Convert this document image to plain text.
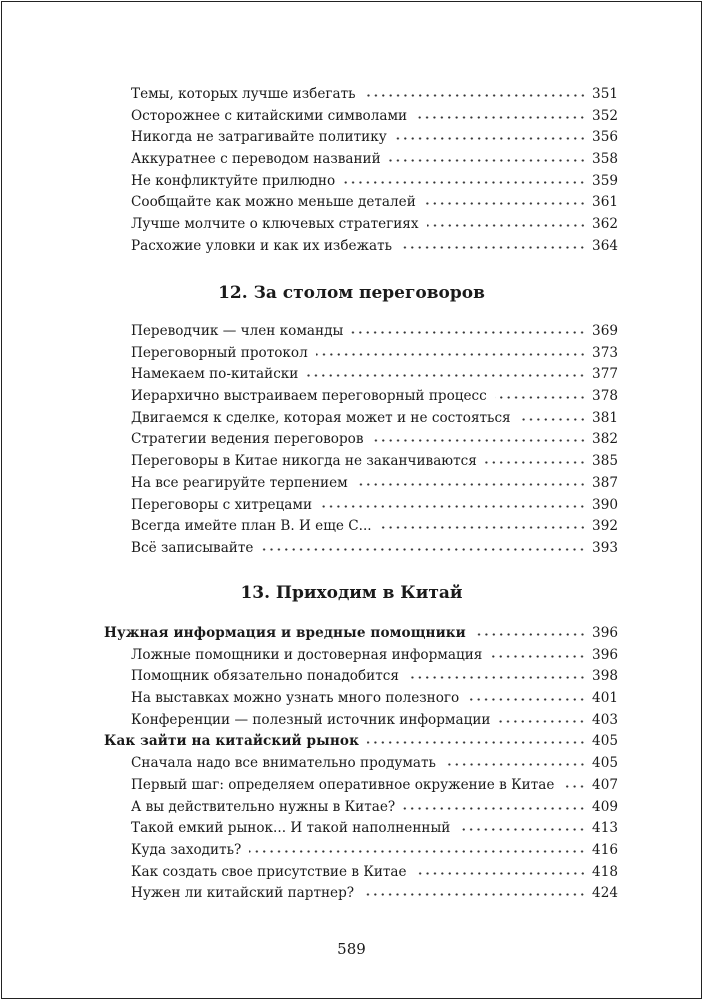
Темы, которых лучше избегать	351
Осторожнее с китайскими символами	352
Никогда не затрагивайте политику	356
Аккуратнее с переводом названий	358
Не конфликтуйте прилюдно	359
Сообщайте как можно меньше деталей	361
Лучше молчите о ключевых стратегиях	362
Расхожие уловки и как их избежать	364
12. За столом переговоров
Переводчик — член команды	369
Переговорный протокол	373
Намекаем по-китайски	377
Иерархично выстраиваем переговорный процесс	378
Двигаемся к сделке, которая может и не состояться	381
Стратегии ведения переговоров	382
Переговоры в Китае никогда не заканчиваются	385
На все реагируйте терпением	387
Переговоры с хитрецами	390
Всегда имейте план В. И еще С...	392
Всё записывайте	393
13. Приходим в Китай
Нужная информация и вредные помощники	396
Ложные помощники и достоверная информация	396
Помощник обязательно понадобится	398
На выставках можно узнать много полезного	401
Конференции — полезный источник информации	403
Как зайти на китайский рынок	405
Сначала надо все внимательно продумать	405
Первый шаг: определяем оперативное окружение в Китае	407
А вы действительно нужны в Китае?	409
Такой емкий рынок... И такой наполненный	413
Куда заходить?	416
Как создать свое присутствие в Китае	418
Нужен ли китайский партнер?	424
589
